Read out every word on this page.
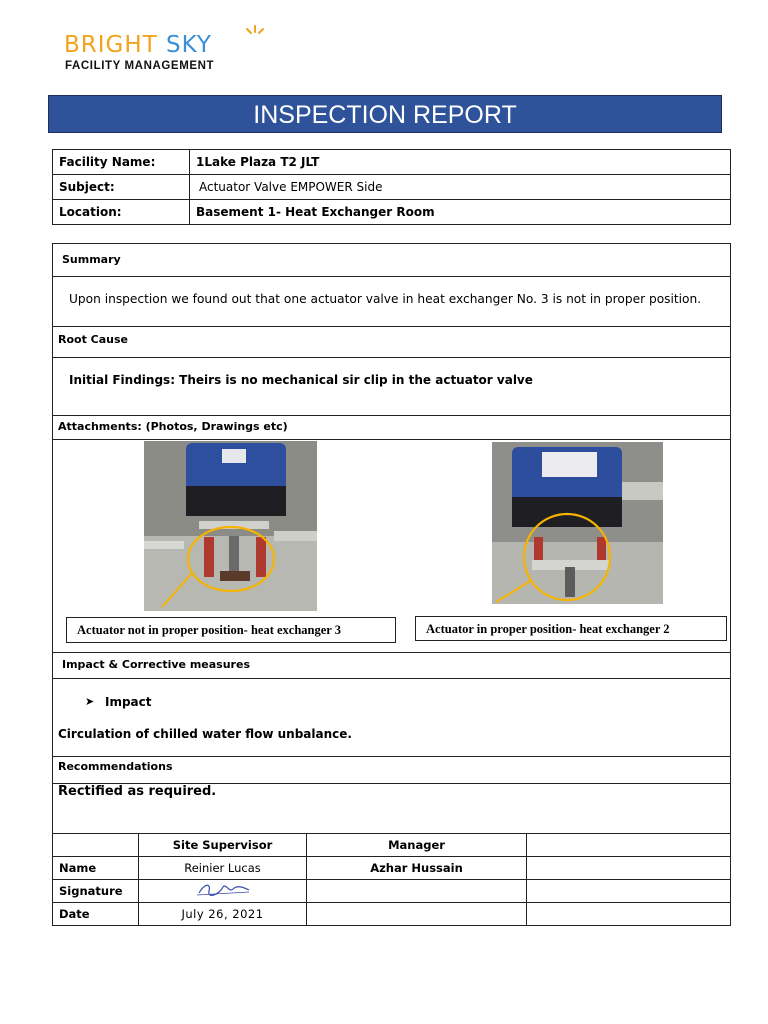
BRIGHT SKY
FACILITY MANAGEMENT
INSPECTION REPORT
Facility Name:	1Lake Plaza T2 JLT
Subject:	Actuator Valve EMPOWER Side
Location:	Basement 1- Heat Exchanger Room
Summary
Upon inspection we found out that one actuator valve in heat exchanger No. 3 is not in proper position.
Root Cause
Initial Findings: Theirs is no mechanical sir clip in the actuator valve
Attachments: (Photos, Drawings etc)
Actuator not in proper position- heat exchanger 3	Actuator in proper position- heat exchanger 2
Impact & Corrective measures
➤ Impact
Circulation of chilled water flow unbalance.
Recommendations
Rectified as required.
	Site Supervisor	Manager	
Name	Reinier Lucas	Azhar Hussain	
Signature			
Date	July 26, 2021		
